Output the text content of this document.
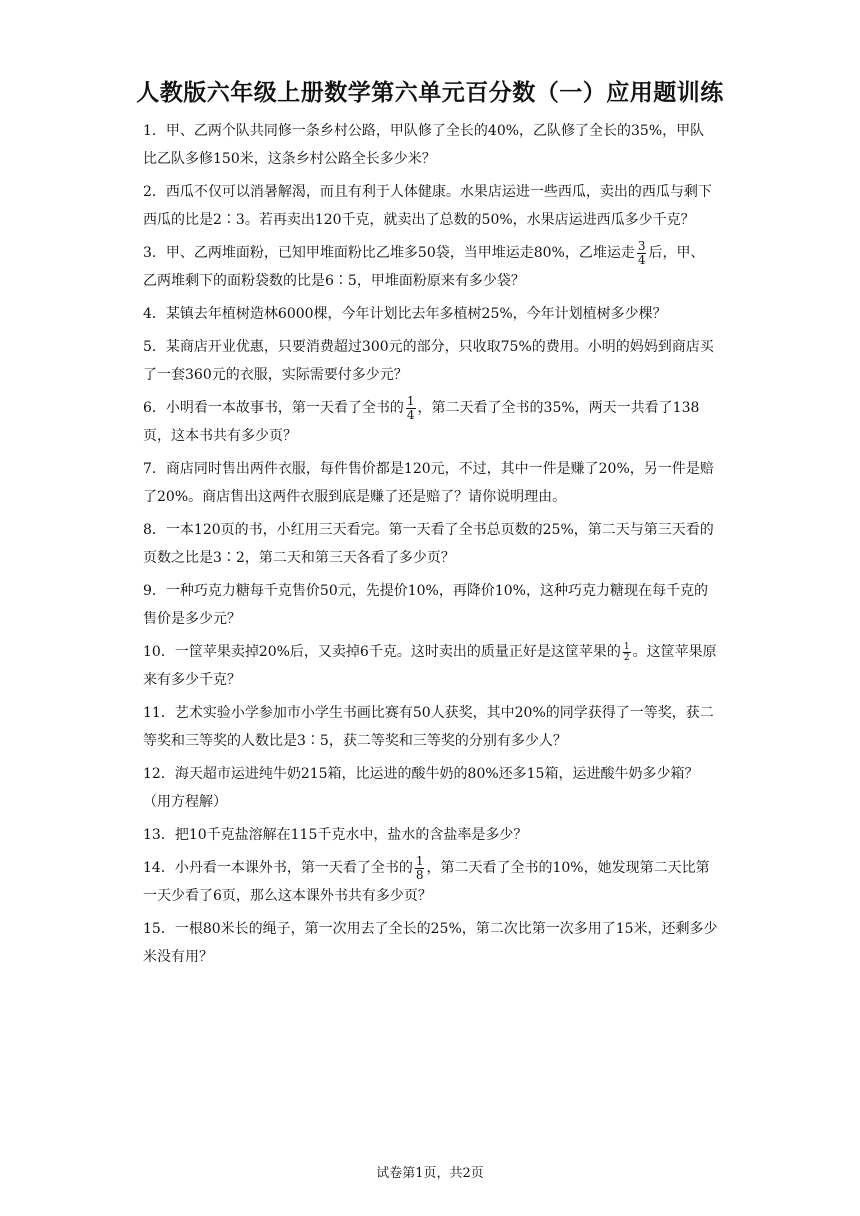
人教版六年级上册数学第六单元百分数（一）应用题训练

1．甲、乙两个队共同修一条乡村公路，甲队修了全长的40%，乙队修了全长的35%，甲队比乙队多修150米，这条乡村公路全长多少米？

2．西瓜不仅可以消暑解渴，而且有利于人体健康。水果店运进一些西瓜，卖出的西瓜与剩下西瓜的比是2∶3。若再卖出120千克，就卖出了总数的50%，水果店运进西瓜多少千克？

3．甲、乙两堆面粉，已知甲堆面粉比乙堆多50袋，当甲堆运走80%，乙堆运走 $\frac{3}{4}$ 后，甲、乙两堆剩下的面粉袋数的比是6∶5，甲堆面粉原来有多少袋？

4．某镇去年植树造林6000棵，今年计划比去年多植树25%，今年计划植树多少棵？

5．某商店开业优惠，只要消费超过300元的部分，只收取75%的费用。小明的妈妈到商店买了一套360元的衣服，实际需要付多少元？

6．小明看一本故事书，第一天看了全书的 $\frac{1}{4}$ ，第二天看了全书的35%，两天一共看了138页，这本书共有多少页？

7．商店同时售出两件衣服，每件售价都是120元，不过，其中一件是赚了20%，另一件是赔了20%。商店售出这两件衣服到底是赚了还是赔了？请你说明理由。

8．一本120页的书，小红用三天看完。第一天看了全书总页数的25%，第二天与第三天看的页数之比是3∶2，第二天和第三天各看了多少页？

9．一种巧克力糖每千克售价50元，先提价10%，再降价10%，这种巧克力糖现在每千克的售价是多少元？

10．一筐苹果卖掉20%后，又卖掉6千克。这时卖出的质量正好是这筐苹果的 $\frac{1}{2}$ 。这筐苹果原来有多少千克？

11．艺术实验小学参加市小学生书画比赛有50人获奖，其中20%的同学获得了一等奖，获二等奖和三等奖的人数比是3∶5，获二等奖和三等奖的分别有多少人？

12．海天超市运进纯牛奶215箱，比运进的酸牛奶的80%还多15箱，运进酸牛奶多少箱？（用方程解）

13．把10千克盐溶解在115千克水中，盐水的含盐率是多少？

14．小丹看一本课外书，第一天看了全书的 $\frac{1}{8}$ ，第二天看了全书的10%，她发现第二天比第一天少看了6页，那么这本课外书共有多少页？

15．一根80米长的绳子，第一次用去了全长的25%，第二次比第一次多用了15米，还剩多少米没有用？

试卷第1页，共2页
